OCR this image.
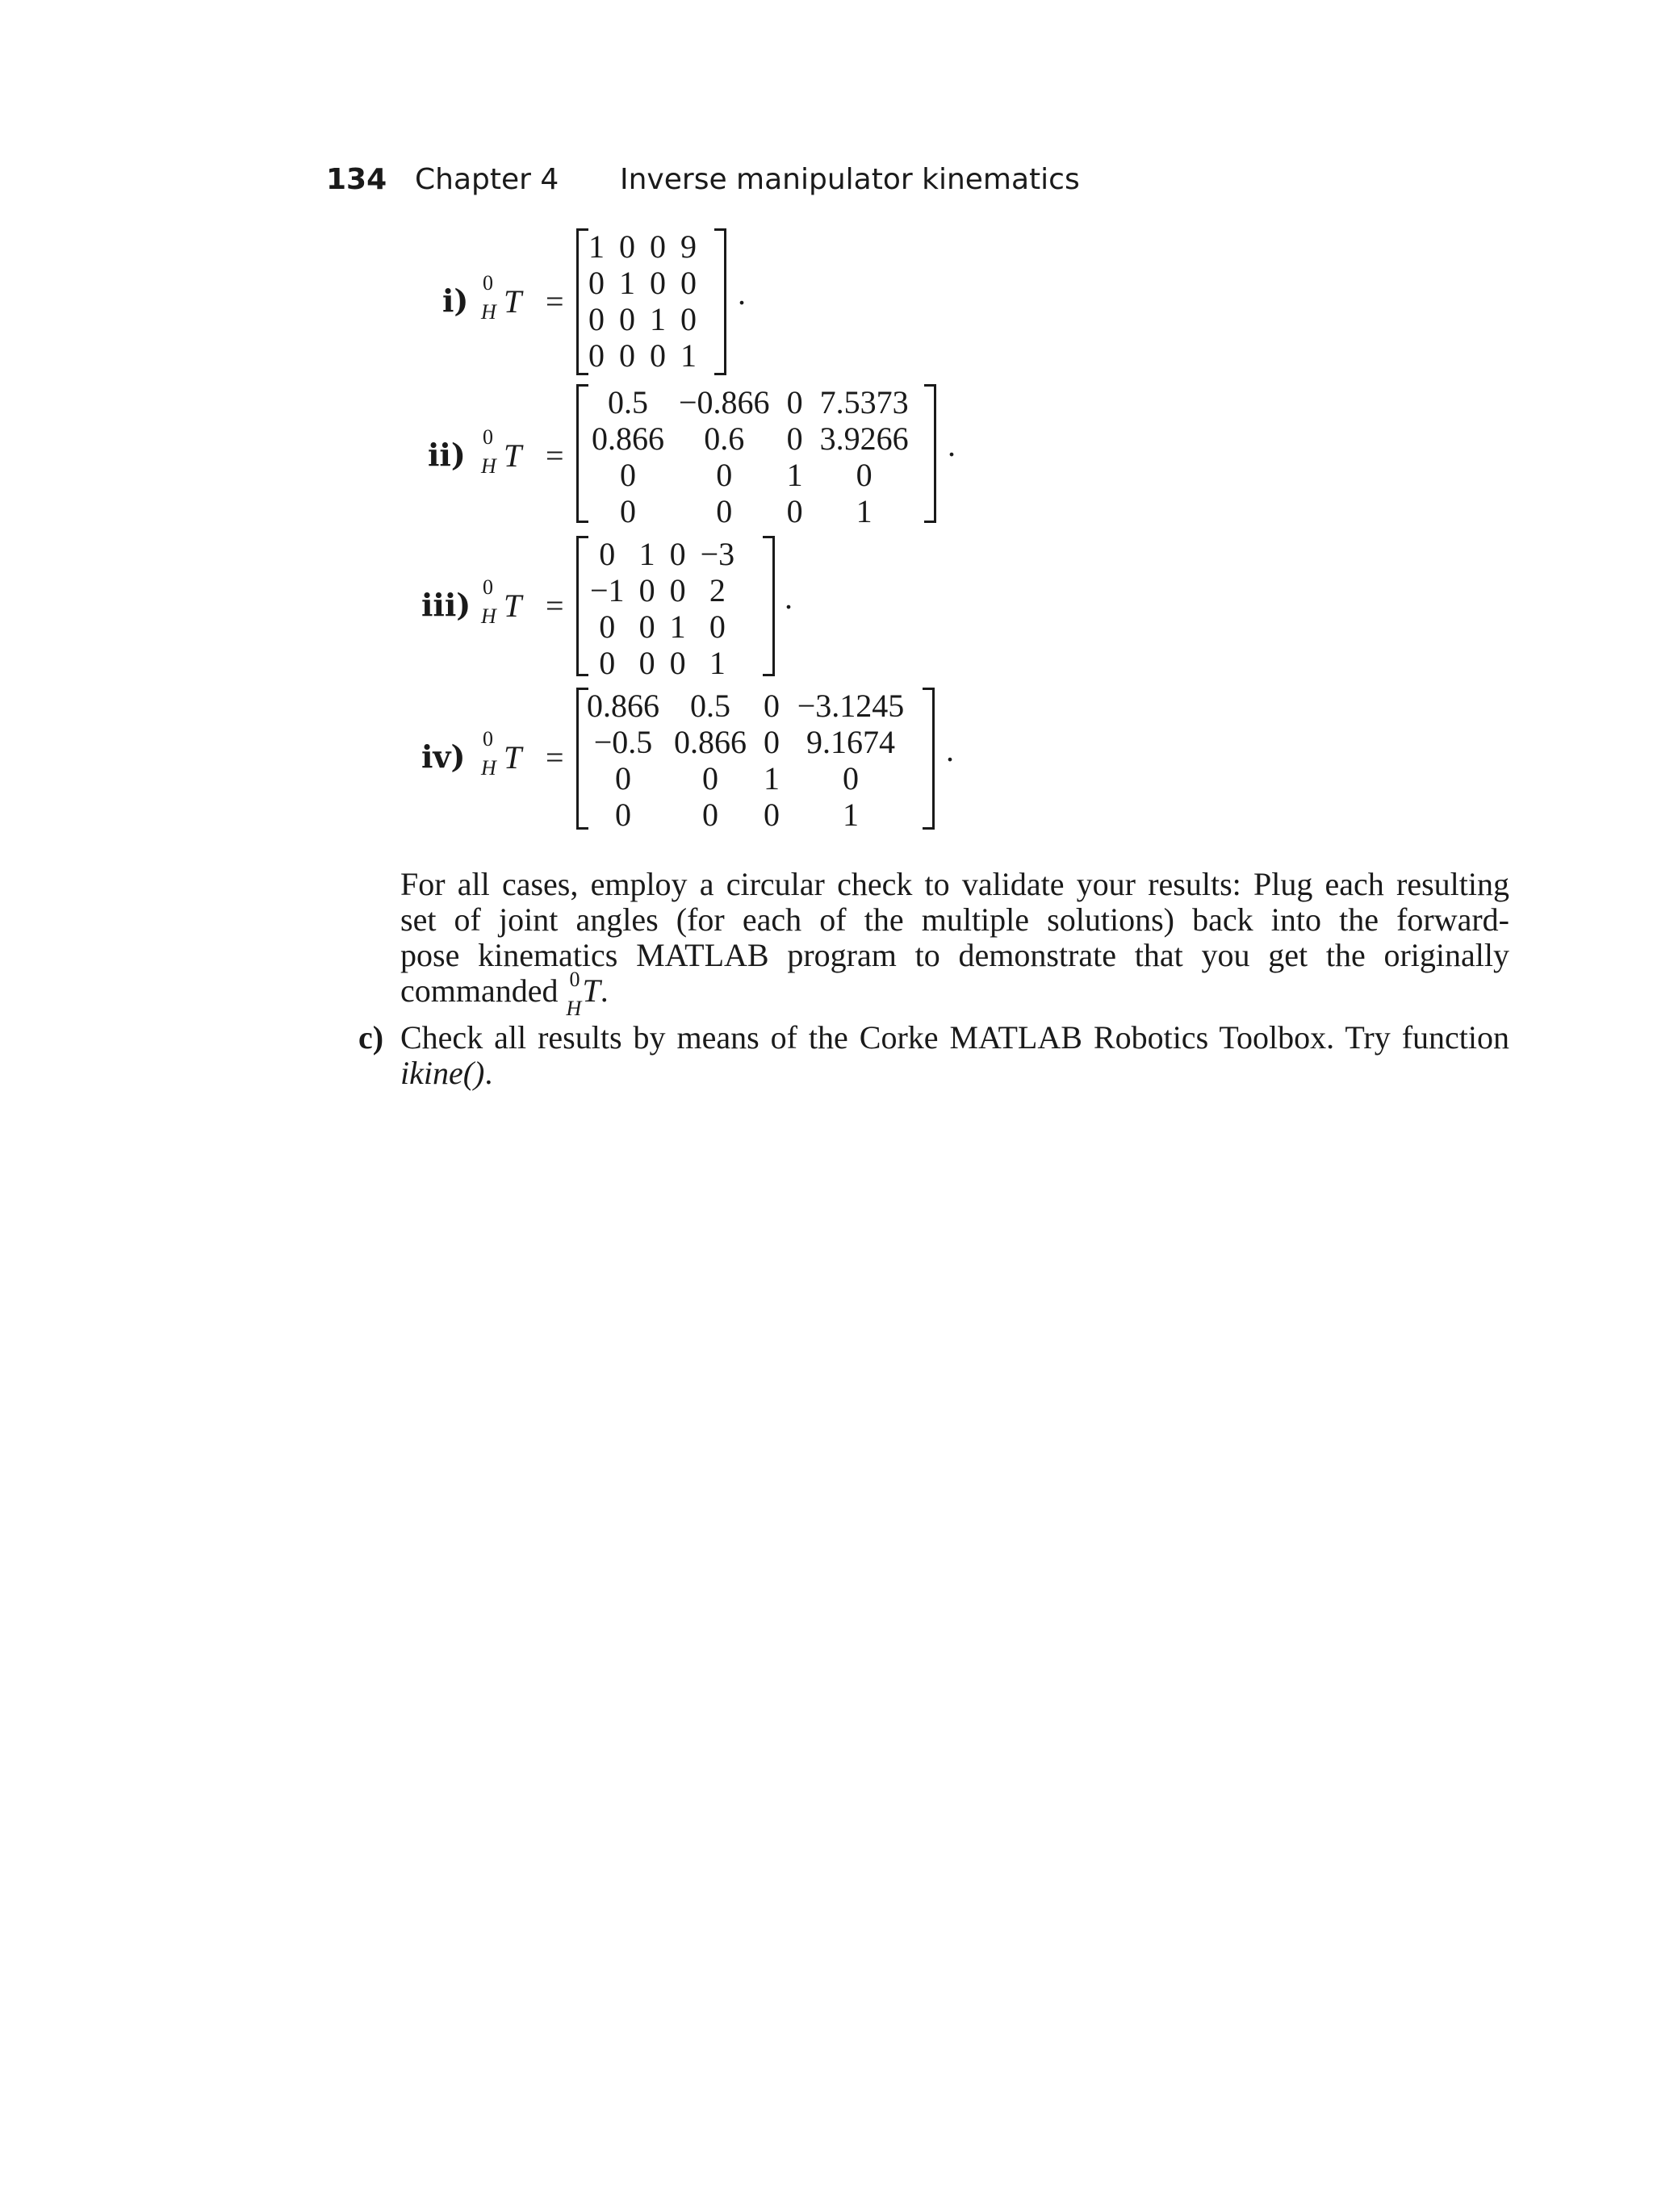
134 Chapter 4 Inverse manipulator kinematics
i) 0
H T =
1	0	0	9
0	1	0	0
0	0	1	0
0	0	0	1
.
ii) 0
H T =
0.5	−0.866	0	7.5373
0.866	0.6	0	3.9266
0	0	1	0
0	0	0	1
.
iii) 0
H T =
0	1	0	−3
−1	0	0	2
0	0	1	0
0	0	0	1
.
iv) 0
H T =
0.866	0.5	0	−3.1245
−0.5	0.866	0	9.1674
0	0	1	0
0	0	0	1
.
For all cases, employ a circular check to validate your results: Plug each resulting
set of joint angles (for each of the multiple solutions) back into the forward-
pose kinematics MATLAB program to demonstrate that you get the originally
commanded 0
H T.
c) Check all results by means of the Corke MATLAB Robotics Toolbox. Try function
ikine().
